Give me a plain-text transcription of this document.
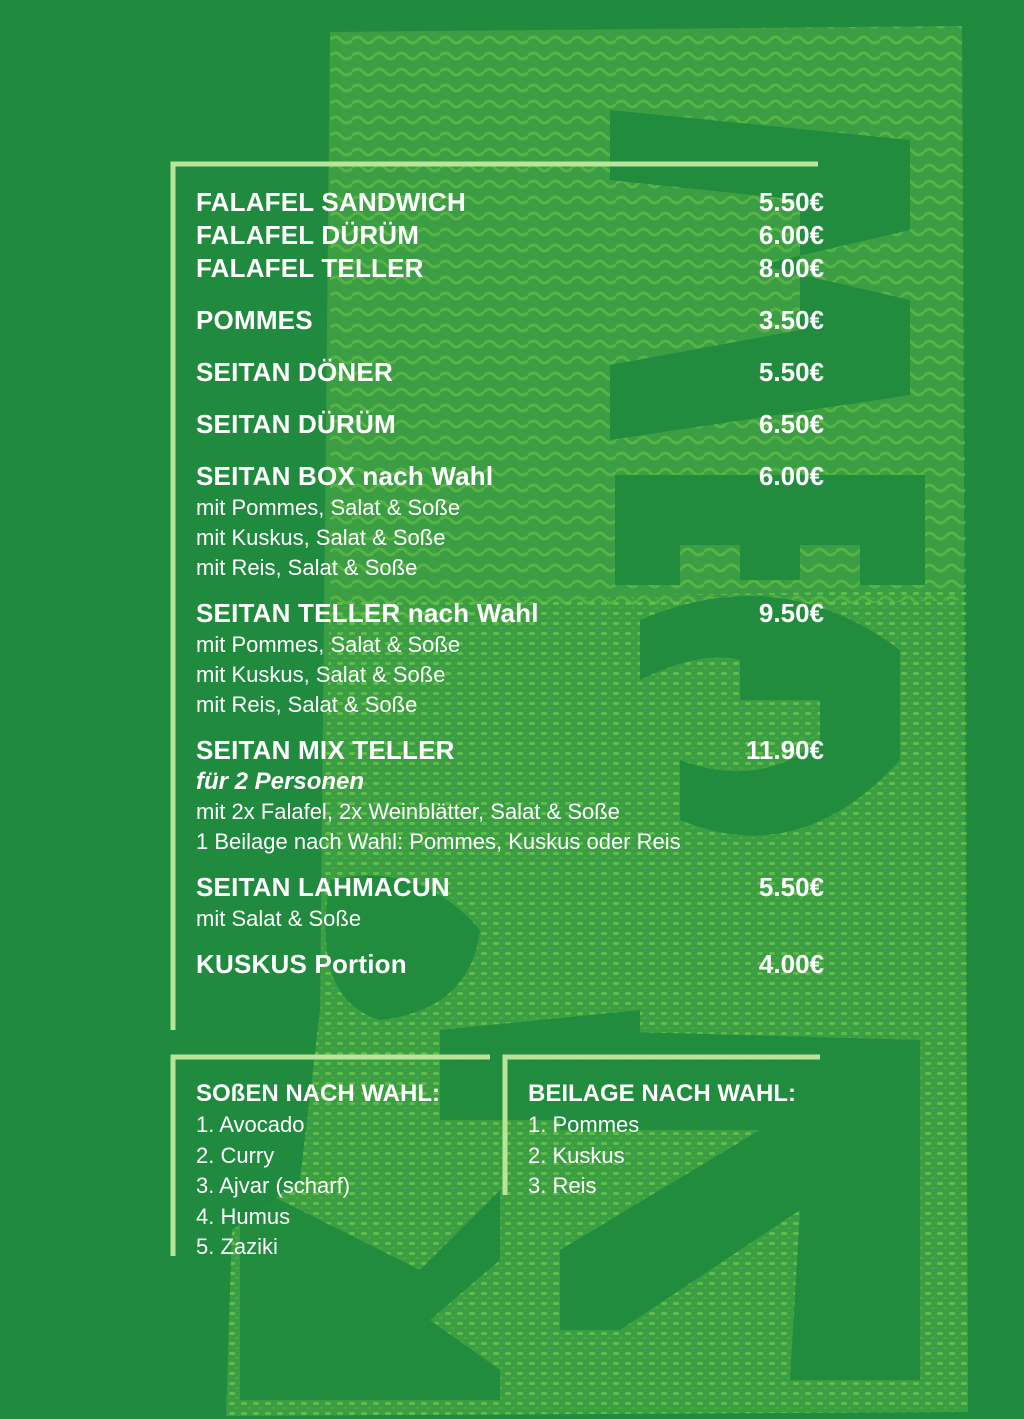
FALAFEL SANDWICH	5.50€
FALAFEL DÜRÜM	6.00€
FALAFEL TELLER	8.00€
POMMES	3.50€
SEITAN DÖNER	5.50€
SEITAN DÜRÜM	6.50€
SEITAN BOX nach Wahl	6.00€
mit Pommes, Salat & Soße
mit Kuskus, Salat & Soße
mit Reis, Salat & Soße
SEITAN TELLER nach Wahl	9.50€
mit Pommes, Salat & Soße
mit Kuskus, Salat & Soße
mit Reis, Salat & Soße
SEITAN MIX TELLER	11.90€
für 2 Personen
mit 2x Falafel, 2x Weinblätter, Salat & Soße
1 Beilage nach Wahl: Pommes, Kuskus oder Reis
SEITAN LAHMACUN	5.50€
mit Salat & Soße
KUSKUS Portion	4.00€
SOßEN NACH WAHL:
1. Avocado
2. Curry
3. Ajvar (scharf)
4. Humus
5. Zaziki
BEILAGE NACH WAHL:
1. Pommes
2. Kuskus
3. Reis
